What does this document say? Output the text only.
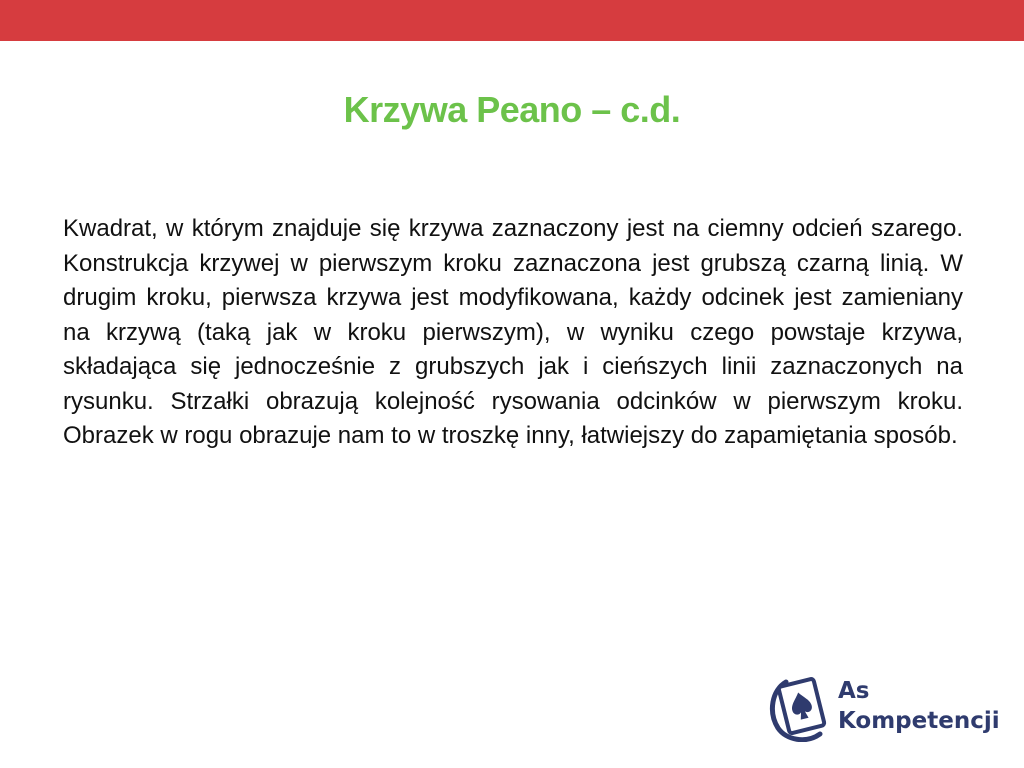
Krzywa Peano – c.d.

Kwadrat, w którym znajduje się krzywa zaznaczony jest na ciemny odcień szarego. Konstrukcja krzywej w pierwszym kroku zaznaczona jest grubszą czarną linią. W drugim kroku, pierwsza krzywa jest modyfikowana, każdy odcinek jest zamieniany na krzywą (taką jak w kroku pierwszym), w wyniku czego powstaje krzywa, składająca się jednocześnie z grubszych jak i cieńszych linii zaznaczonych na rysunku. Strzałki obrazują kolejność rysowania odcinków w pierwszym kroku. Obrazek w rogu obrazuje nam to w troszkę inny, łatwiejszy do zapamiętania sposób.

As
Kompetencji
